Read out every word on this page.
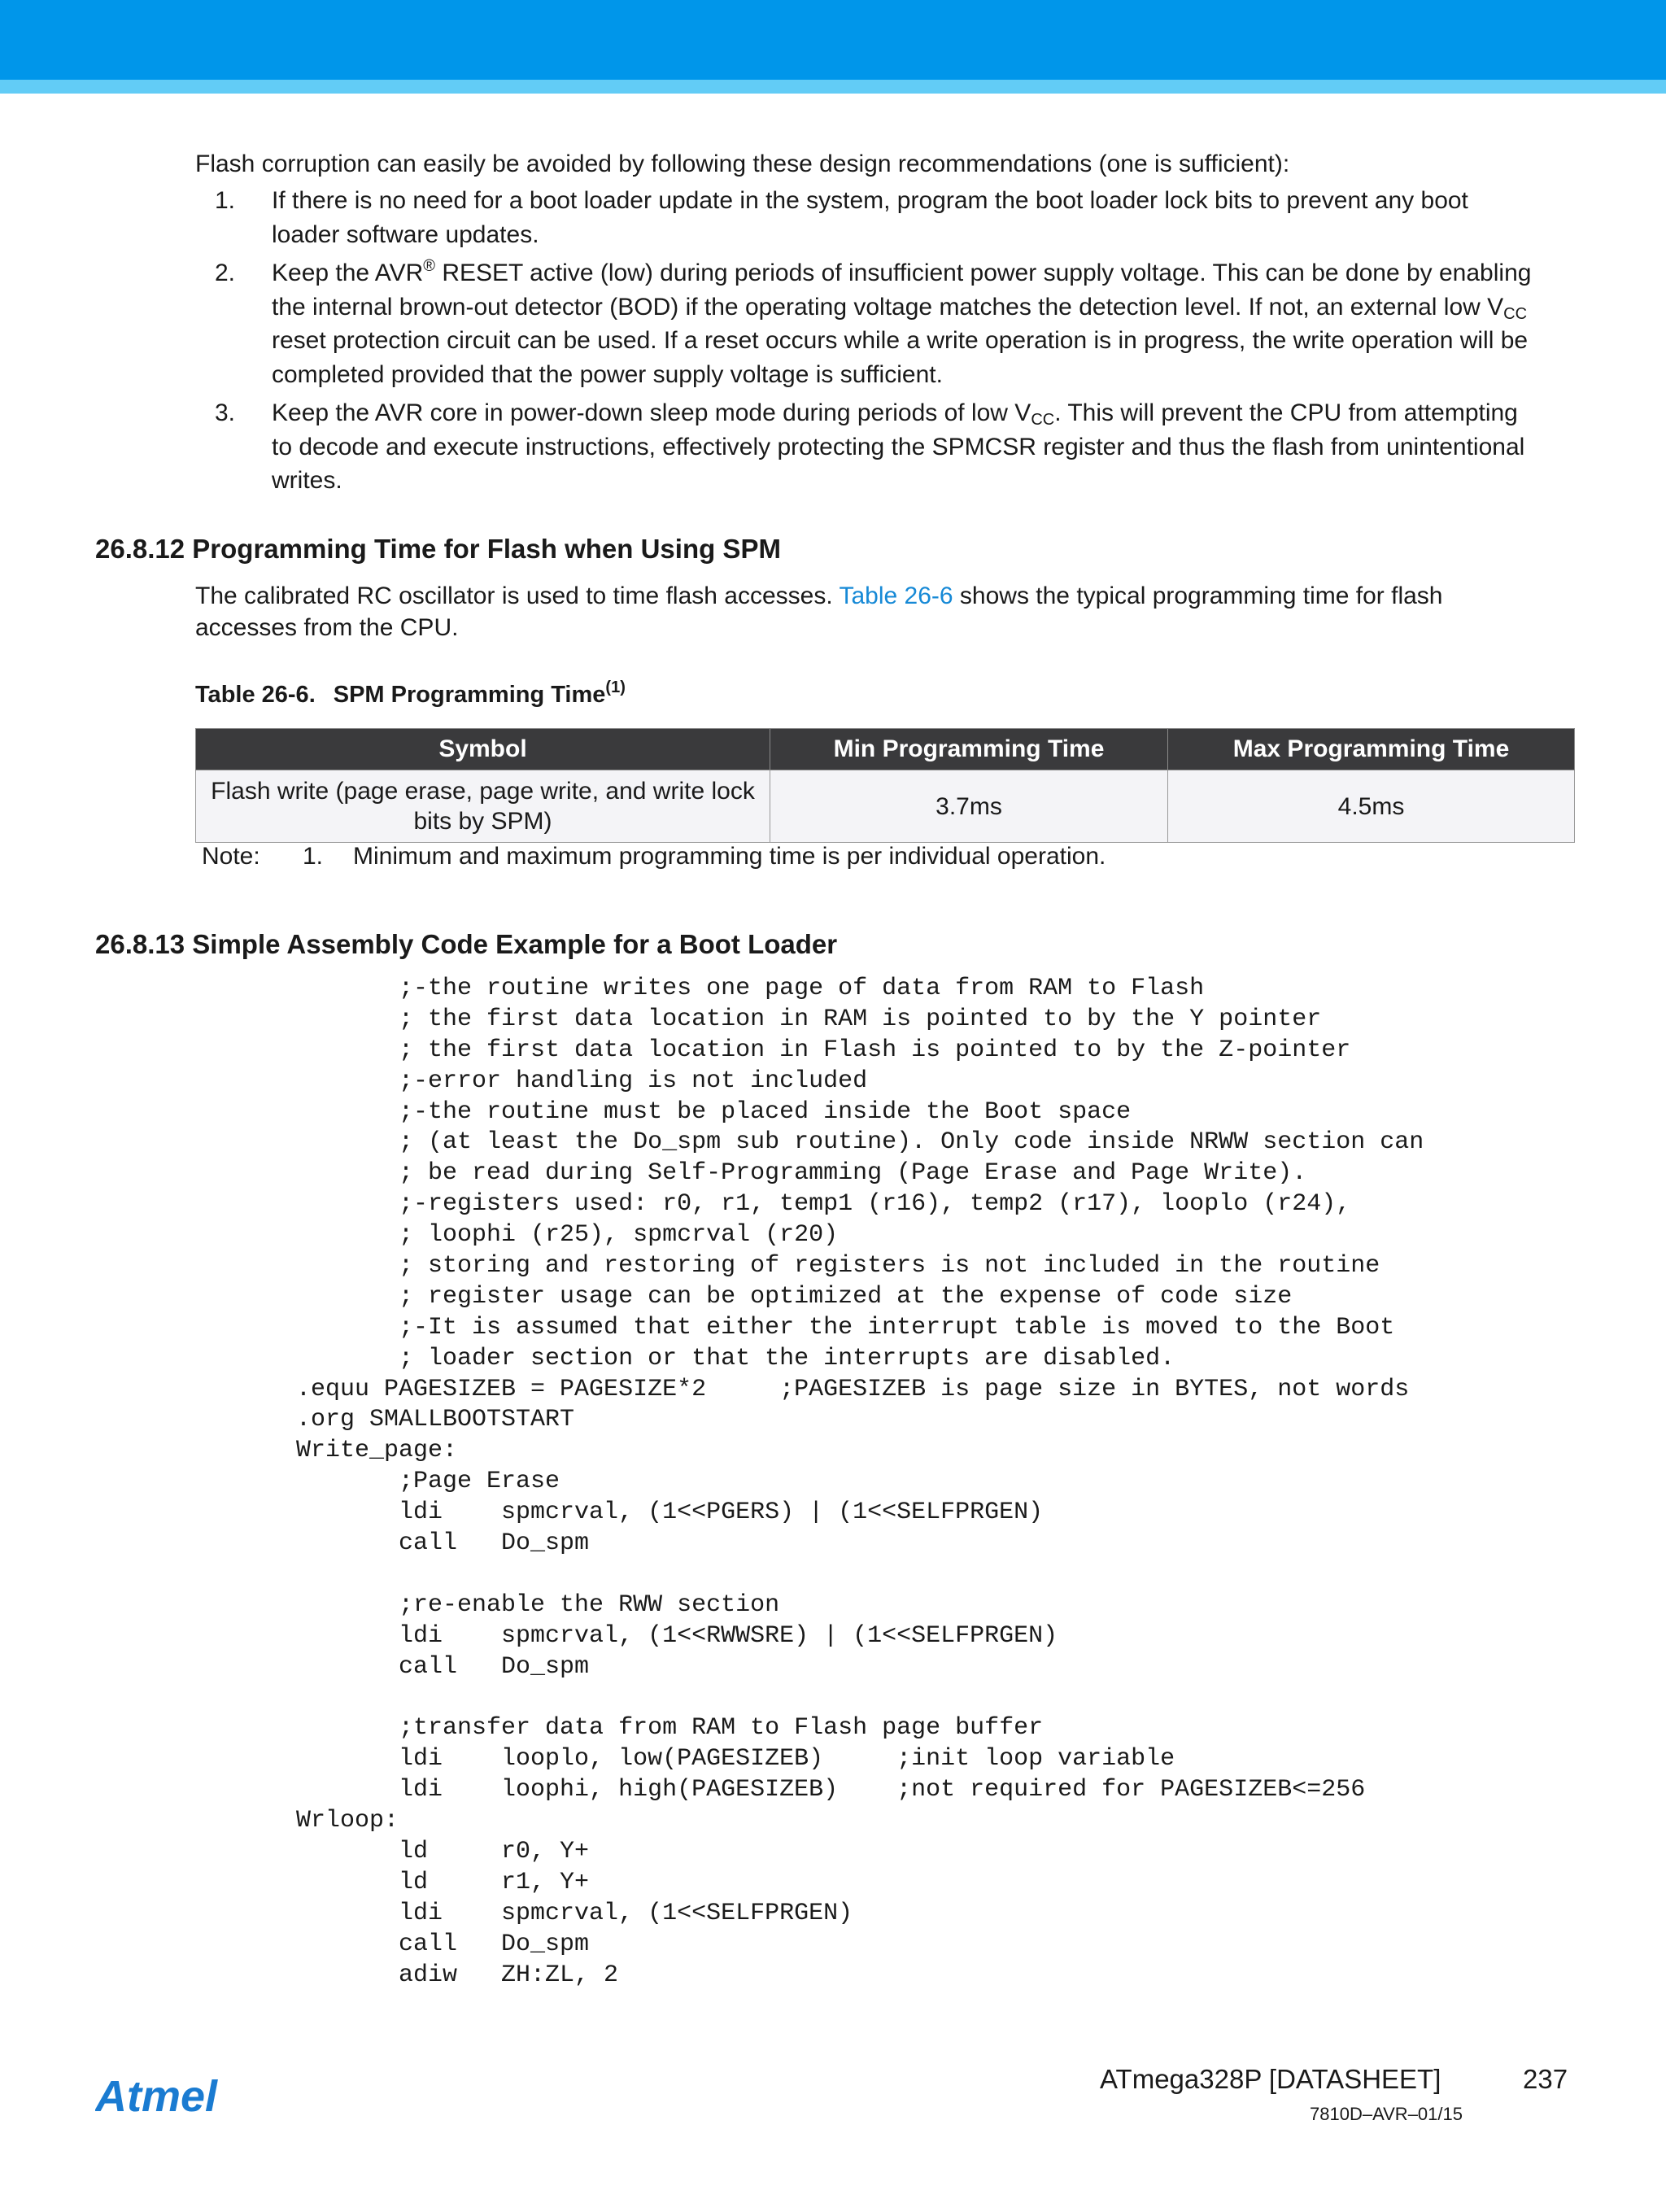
Flash corruption can easily be avoided by following these design recommendations (one is sufficient):

1. If there is no need for a boot loader update in the system, program the boot loader lock bits to prevent any boot loader software updates.
2. Keep the AVR® RESET active (low) during periods of insufficient power supply voltage. This can be done by enabling the internal brown-out detector (BOD) if the operating voltage matches the detection level. If not, an external low $V_{CC}$ reset protection circuit can be used. If a reset occurs while a write operation is in progress, the write operation will be completed provided that the power supply voltage is sufficient.
3. Keep the AVR core in power-down sleep mode during periods of low $V_{CC}$. This will prevent the CPU from attempting to decode and execute instructions, effectively protecting the SPMCSR register and thus the flash from unintentional writes.
26.8.12 Programming Time for Flash when Using SPM

The calibrated RC oscillator is used to time flash accesses. Table 26-6 shows the typical programming time for flash accesses from the CPU.

Table 26-6. SPM Programming Time$^{(1)}$
Symbol	Min Programming Time	Max Programming Time
Flash write (page erase, page write, and write lock bits by SPM)	3.7ms	4.5ms
Note: 1. Minimum and maximum programming time is per individual operation.
26.8.13 Simple Assembly Code Example for a Boot Loader
;-the routine writes one page of data from RAM to Flash
; the first data location in RAM is pointed to by the Y pointer
; the first data location in Flash is pointed to by the Z-pointer
;-error handling is not included
;-the routine must be placed inside the Boot space
; (at least the Do_spm sub routine). Only code inside NRWW section can
; be read during Self-Programming (Page Erase and Page Write).
;-registers used: r0, r1, temp1 (r16), temp2 (r17), looplo (r24),
; loophi (r25), spmcrval (r20)
; storing and restoring of registers is not included in the routine
; register usage can be optimized at the expense of code size
;-It is assumed that either the interrupt table is moved to the Boot
; loader section or that the interrupts are disabled.
.equu PAGESIZEB = PAGESIZE*2     ;PAGESIZEB is page size in BYTES, not words
.org SMALLBOOTSTART
Write_page:
;Page Erase
ldi    spmcrval, (1<<PGERS) | (1<<SELFPRGEN)
call   Do_spm
;re-enable the RWW section
ldi    spmcrval, (1<<RWWSRE) | (1<<SELFPRGEN)
call   Do_spm
;transfer data from RAM to Flash page buffer
ldi    looplo, low(PAGESIZEB)     ;init loop variable
ldi    loophi, high(PAGESIZEB)    ;not required for PAGESIZEB<=256
Wrloop:
ld     r0, Y+
ld     r1, Y+
ldi    spmcrval, (1<<SELFPRGEN)
call   Do_spm
adiw   ZH:ZL, 2
Atmel	ATmega328P [DATASHEET]	237
7810D–AVR–01/15
